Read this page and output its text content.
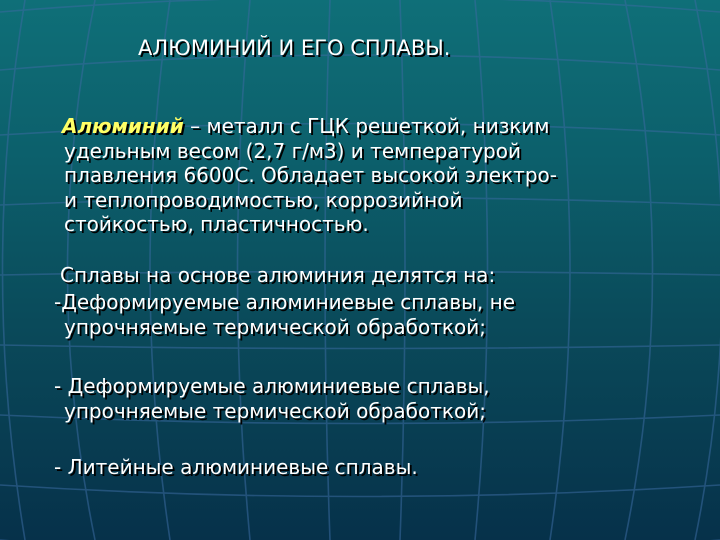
АЛЮМИНИЙ И ЕГО СПЛАВЫ.
Алюминий – металл с ГЦК решеткой, низким
удельным весом (2,7 г/м3) и температурой
плавления 6600С. Обладает высокой электро-
и теплопроводимостью, коррозийной
стойкостью, пластичностью.
Сплавы на основе алюминия делятся на:
-Деформируемые алюминиевые сплавы, не
упрочняемые термической обработкой;
- Деформируемые алюминиевые сплавы,
упрочняемые термической обработкой;
- Литейные алюминиевые сплавы.
